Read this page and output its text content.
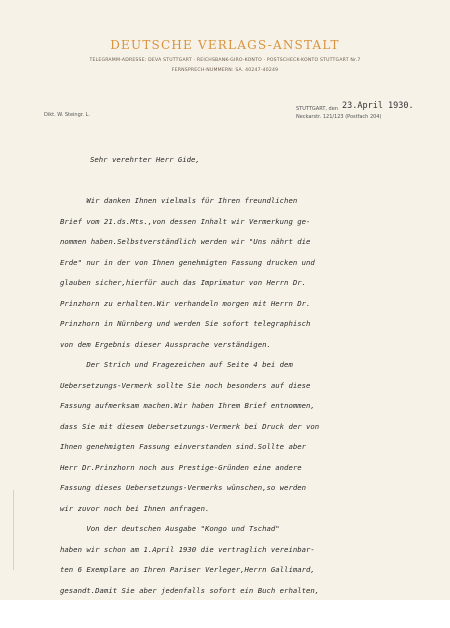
DEUTSCHE VERLAGS-ANSTALT
TELEGRAMM-ADRESSE: DEVA STUTTGART · REICHSBANK-GIRO-KONTO · POSTSCHECK-KONTO STUTTGART Nr.7
FERNSPRECH-NUMMERN: SA. 40247-40249
Dikt. W. Steingr. L.
STUTTGART, den 23.April 1930.
Neckarstr. 121/123 (Postfach 204)
Sehr verehrter Herr Gide,
Wir danken Ihnen vielmals für Ihren freundlichen
Brief vom 21.ds.Mts.,von dessen Inhalt wir Vermerkung ge-
nommen haben.Selbstverständlich werden wir "Uns nährt die
Erde" nur in der von Ihnen genehmigten Fassung drucken und
glauben sicher,hierfür auch das Imprimatur von Herrn Dr.
Prinzhorn zu erhalten.Wir verhandeln morgen mit Herrn Dr.
Prinzhorn in Nürnberg und werden Sie sofort telegraphisch
von dem Ergebnis dieser Aussprache verständigen.
Der Strich und Fragezeichen auf Seite 4 bei dem
Uebersetzungs-Vermerk sollte Sie noch besonders auf diese
Fassung aufmerksam machen.Wir haben Ihrem Brief entnommen,
dass Sie mit diesem Uebersetzungs-Vermerk bei Druck der von
Ihnen genehmigten Fassung einverstanden sind.Sollte aber
Herr Dr.Prinzhorn noch aus Prestige-Gründen eine andere
Fassung dieses Uebersetzungs-Vermerks wünschen,so werden
wir zuvor noch bei Ihnen anfragen.
Von der deutschen Ausgabe "Kongo und Tschad"
haben wir schon am 1.April 1930 die vertraglich vereinbar-
ten 6 Exemplare an Ihren Pariser Verleger,Herrn Gallimard,
gesandt.Damit Sie aber jedenfalls sofort ein Buch erhalten,
